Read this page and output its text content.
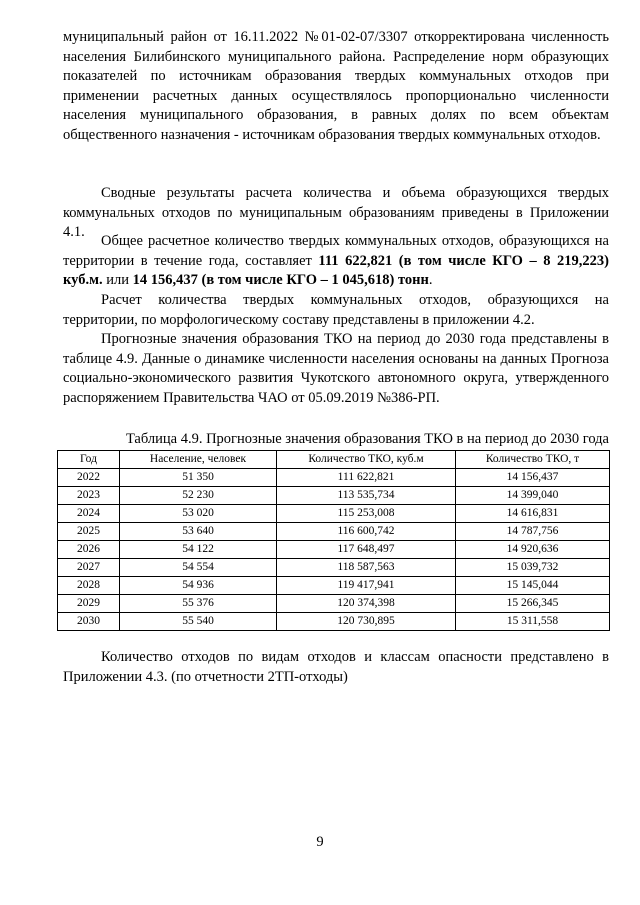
муниципальный район от 16.11.2022 №01-02-07/3307 откорректирована численность населения Билибинского муниципального района. Распределение норм образующих показателей по источникам образования твердых коммунальных отходов при применении расчетных данных осуществлялось пропорционально численности населения муниципального образования, в равных долях по всем объектам общественного назначения - источникам образования твердых коммунальных отходов.

Сводные результаты расчета количества и объема образующихся твердых коммунальных отходов по муниципальным образованиям приведены в Приложении 4.1.

Общее расчетное количество твердых коммунальных отходов, образующихся на территории в течение года, составляет 111 622,821 (в том числе КГО – 8 219,223) куб.м. или 14 156,437 (в том числе КГО – 1 045,618) тонн.

Расчет количества твердых коммунальных отходов, образующихся на территории, по морфологическому составу представлены в приложении 4.2.

Прогнозные значения образования ТКО на период до 2030 года представлены в таблице 4.9. Данные о динамике численности населения основаны на данных Прогноза социально-экономического развития Чукотского автономного округа, утвержденного распоряжением Правительства ЧАО от 05.09.2019 №386-РП.

Таблица 4.9. Прогнозные значения образования ТКО в на период до 2030 года

Год	Население, человек	Количество ТКО, куб.м	Количество ТКО, т
2022	51 350	111 622,821	14 156,437
2023	52 230	113 535,734	14 399,040
2024	53 020	115 253,008	14 616,831
2025	53 640	116 600,742	14 787,756
2026	54 122	117 648,497	14 920,636
2027	54 554	118 587,563	15 039,732
2028	54 936	119 417,941	15 145,044
2029	55 376	120 374,398	15 266,345
2030	55 540	120 730,895	15 311,558

Количество отходов по видам отходов и классам опасности представлено в Приложении 4.3. (по отчетности 2ТП-отходы)

9
